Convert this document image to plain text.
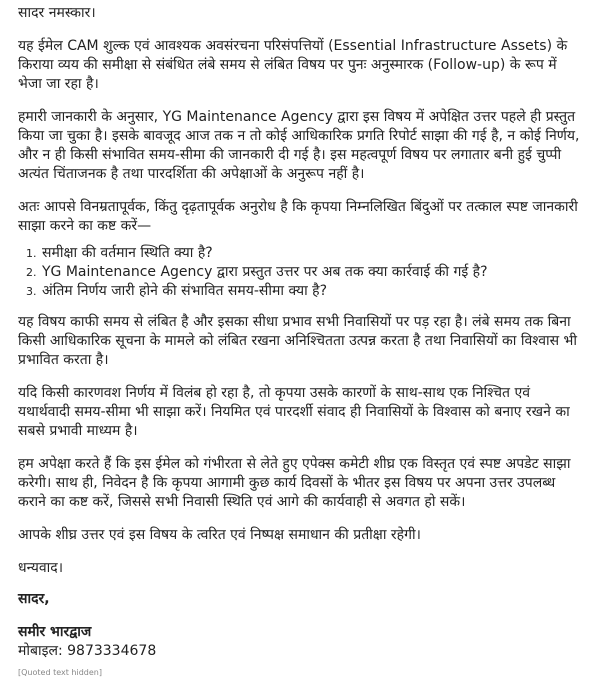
सादर नमस्कार।

यह ईमेल CAM शुल्क एवं आवश्यक अवसंरचना परिसंपत्तियों (Essential Infrastructure Assets) के किराया व्यय की समीक्षा से संबंधित लंबे समय से लंबित विषय पर पुनः अनुस्मारक (Follow-up) के रूप में भेजा जा रहा है।

हमारी जानकारी के अनुसार, YG Maintenance Agency द्वारा इस विषय में अपेक्षित उत्तर पहले ही प्रस्तुत किया जा चुका है। इसके बावजूद आज तक न तो कोई आधिकारिक प्रगति रिपोर्ट साझा की गई है, न कोई निर्णय, और न ही किसी संभावित समय-सीमा की जानकारी दी गई है। इस महत्वपूर्ण विषय पर लगातार बनी हुई चुप्पी अत्यंत चिंताजनक है तथा पारदर्शिता की अपेक्षाओं के अनुरूप नहीं है।

अतः आपसे विनम्रतापूर्वक, किंतु दृढ़तापूर्वक अनुरोध है कि कृपया निम्नलिखित बिंदुओं पर तत्काल स्पष्ट जानकारी साझा करने का कष्ट करें—

1. समीक्षा की वर्तमान स्थिति क्या है?
2. YG Maintenance Agency द्वारा प्रस्तुत उत्तर पर अब तक क्या कार्रवाई की गई है?
3. अंतिम निर्णय जारी होने की संभावित समय-सीमा क्या है?

यह विषय काफी समय से लंबित है और इसका सीधा प्रभाव सभी निवासियों पर पड़ रहा है। लंबे समय तक बिना किसी आधिकारिक सूचना के मामले को लंबित रखना अनिश्चितता उत्पन्न करता है तथा निवासियों का विश्वास भी प्रभावित करता है।

यदि किसी कारणवश निर्णय में विलंब हो रहा है, तो कृपया उसके कारणों के साथ-साथ एक निश्चित एवं यथार्थवादी समय-सीमा भी साझा करें। नियमित एवं पारदर्शी संवाद ही निवासियों के विश्वास को बनाए रखने का सबसे प्रभावी माध्यम है।

हम अपेक्षा करते हैं कि इस ईमेल को गंभीरता से लेते हुए एपेक्स कमेटी शीघ्र एक विस्तृत एवं स्पष्ट अपडेट साझा करेगी। साथ ही, निवेदन है कि कृपया आगामी कुछ कार्य दिवसों के भीतर इस विषय पर अपना उत्तर उपलब्ध कराने का कष्ट करें, जिससे सभी निवासी स्थिति एवं आगे की कार्यवाही से अवगत हो सकें।

आपके शीघ्र उत्तर एवं इस विषय के त्वरित एवं निष्पक्ष समाधान की प्रतीक्षा रहेगी।

धन्यवाद।

सादर,

समीर भारद्वाज
मोबाइल: 9873334678
[Quoted text hidden]
